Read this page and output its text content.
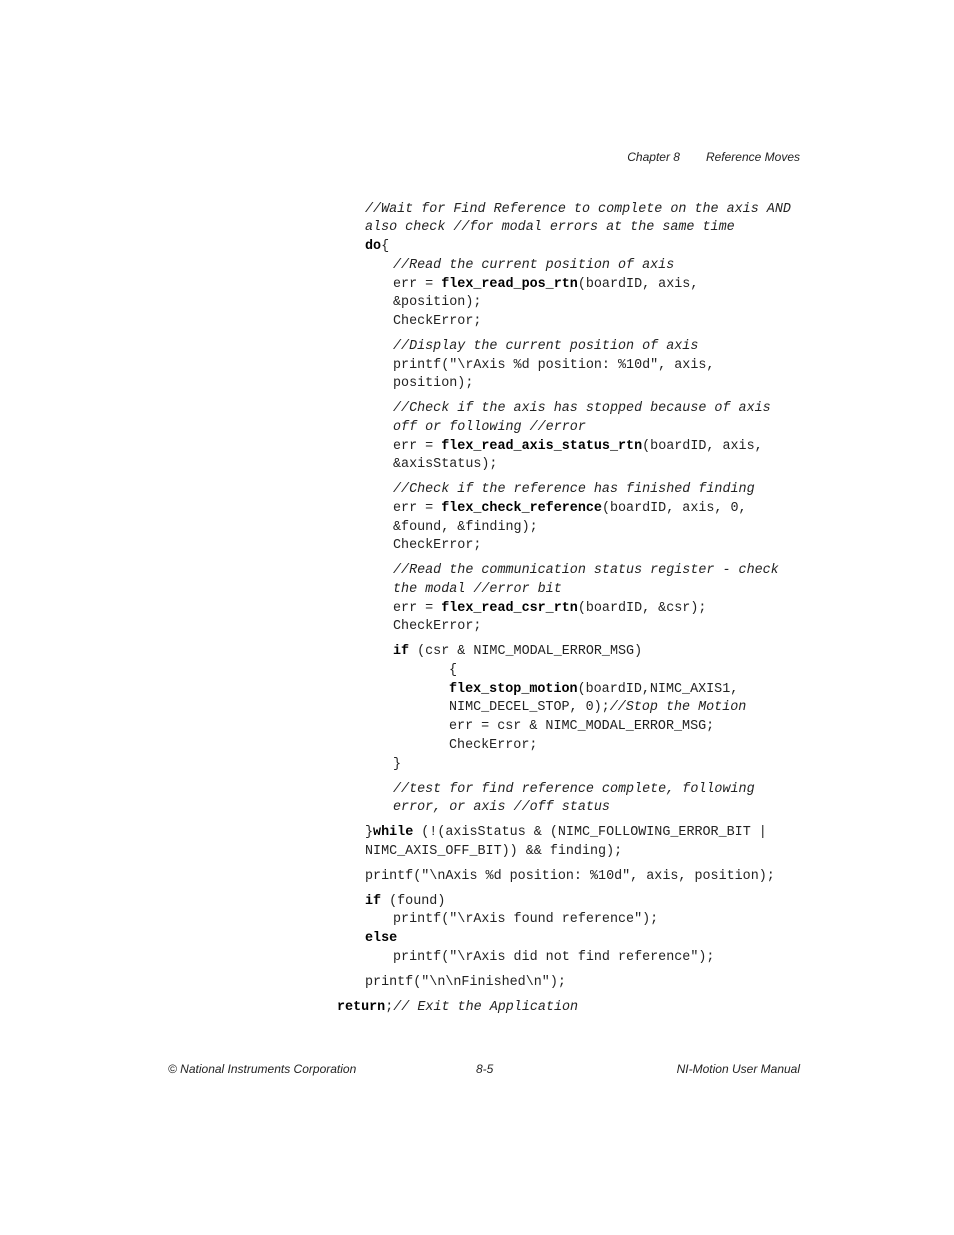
Chapter 8 Reference Moves
//Wait for Find Reference to complete on the axis AND
also check //for modal errors at the same time
do{
//Read the current position of axis
err = flex_read_pos_rtn(boardID, axis,
&position);
CheckError;
//Display the current position of axis
printf("\rAxis %d position: %10d", axis,
position);
//Check if the axis has stopped because of axis
off or following //error
err = flex_read_axis_status_rtn(boardID, axis,
&axisStatus);
//Check if the reference has finished finding
err = flex_check_reference(boardID, axis, 0,
&found, &finding);
CheckError;
//Read the communication status register - check
the modal //error bit
err = flex_read_csr_rtn(boardID, &csr);
CheckError;
if (csr & NIMC_MODAL_ERROR_MSG)
{
flex_stop_motion(boardID,NIMC_AXIS1,
NIMC_DECEL_STOP, 0);//Stop the Motion
err = csr & NIMC_MODAL_ERROR_MSG;
CheckError;
}
//test for find reference complete, following
error, or axis //off status
}while (!(axisStatus & (NIMC_FOLLOWING_ERROR_BIT |
NIMC_AXIS_OFF_BIT)) && finding);
printf("\nAxis %d position: %10d", axis, position);
if (found)
printf("\rAxis found reference");
else
printf("\rAxis did not find reference");
printf("\n\nFinished\n");
return;// Exit the Application
© National Instruments Corporation	8-5	NI-Motion User Manual
